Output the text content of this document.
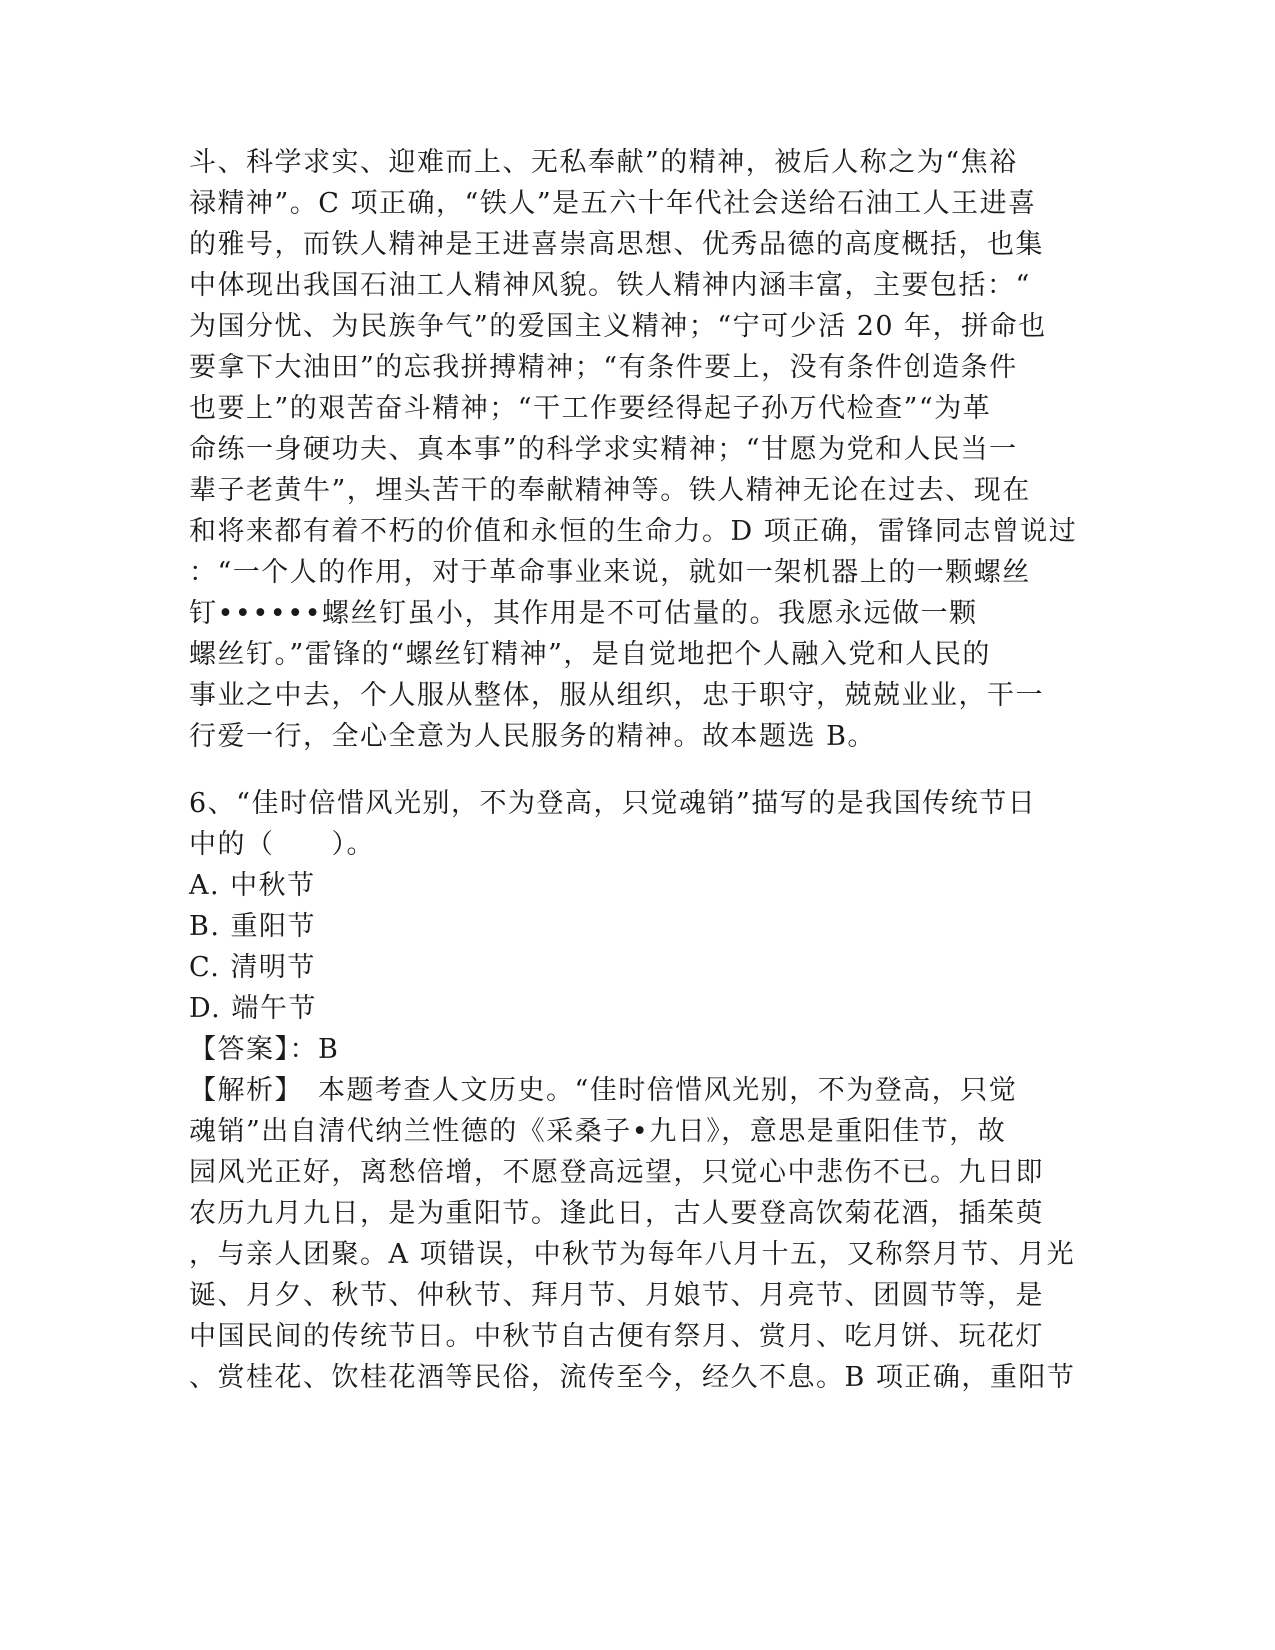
斗、科学求实、迎难而上、无私奉献”的精神，被后人称之为“焦裕
禄精神”。C 项正确，“铁人”是五六十年代社会送给石油工人王进喜
的雅号，而铁人精神是王进喜崇高思想、优秀品德的高度概括，也集
中体现出我国石油工人精神风貌。铁人精神内涵丰富，主要包括：“
为国分忧、为民族争气”的爱国主义精神；“宁可少活 20 年，拼命也
要拿下大油田”的忘我拼搏精神；“有条件要上，没有条件创造条件
也要上”的艰苦奋斗精神；“干工作要经得起子孙万代检查”“为革
命练一身硬功夫、真本事”的科学求实精神；“甘愿为党和人民当一
辈子老黄牛”，埋头苦干的奉献精神等。铁人精神无论在过去、现在
和将来都有着不朽的价值和永恒的生命力。D 项正确，雷锋同志曾说过
：“一个人的作用，对于革命事业来说，就如一架机器上的一颗螺丝
钉••••••螺丝钉虽小，其作用是不可估量的。我愿永远做一颗
螺丝钉。”雷锋的“螺丝钉精神”，是自觉地把个人融入党和人民的
事业之中去，个人服从整体，服从组织，忠于职守，兢兢业业，干一
行爱一行，全心全意为人民服务的精神。故本题选 B。
6、“佳时倍惜风光别，不为登高，只觉魂销”描写的是我国传统节日
中的（　　）。
A. 中秋节
B. 重阳节
C. 清明节
D. 端午节
【答案】：B
【解析】　本题考查人文历史。“佳时倍惜风光别，不为登高，只觉
魂销”出自清代纳兰性德的《采桑子•九日》，意思是重阳佳节，故
园风光正好，离愁倍增，不愿登高远望，只觉心中悲伤不已。九日即
农历九月九日，是为重阳节。逢此日，古人要登高饮菊花酒，插茱萸
，与亲人团聚。A 项错误，中秋节为每年八月十五，又称祭月节、月光
诞、月夕、秋节、仲秋节、拜月节、月娘节、月亮节、团圆节等，是
中国民间的传统节日。中秋节自古便有祭月、赏月、吃月饼、玩花灯
、赏桂花、饮桂花酒等民俗，流传至今，经久不息。B 项正确，重阳节
